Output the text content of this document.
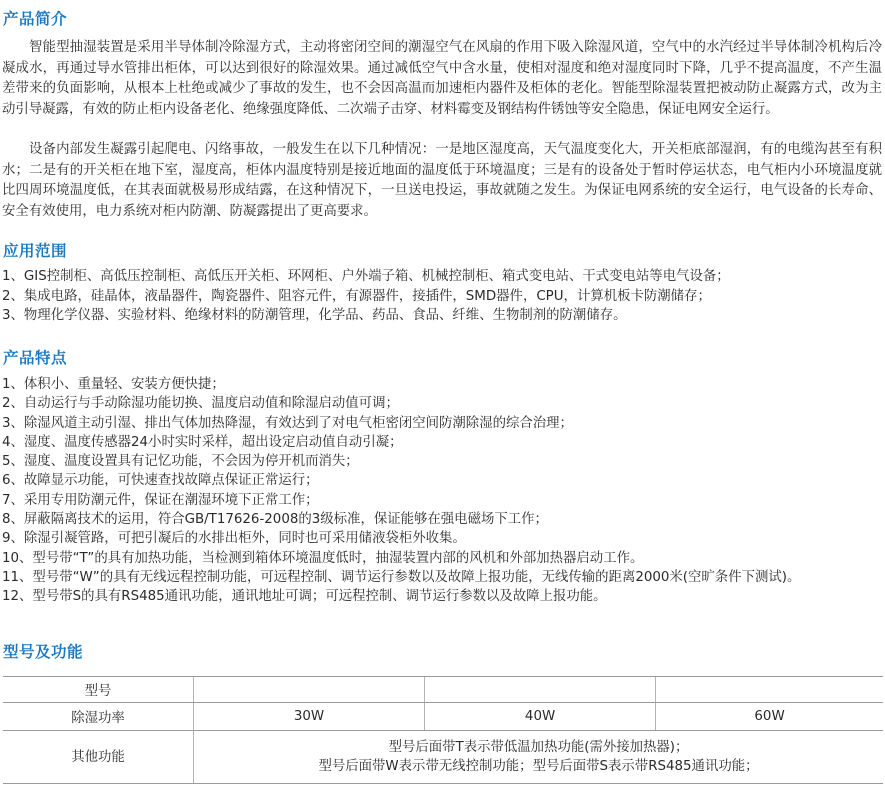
产品简介

智能型抽湿装置是采用半导体制冷除湿方式，主动将密闭空间的潮湿空气在风扇的作用下吸入除湿风道，空气中的水汽经过半导体制冷机构后冷凝成水，再通过导水管排出柜体，可以达到很好的除湿效果。通过减低空气中含水量，使相对湿度和绝对湿度同时下降，几乎不提高温度，不产生温差带来的负面影响，从根本上杜绝或减少了事故的发生，也不会因高温而加速柜内器件及柜体的老化。智能型除湿装置把被动防止凝露方式，改为主动引导凝露，有效的防止柜内设备老化、绝缘强度降低、二次端子击穿、材料霉变及钢结构件锈蚀等安全隐患，保证电网安全运行。

设备内部发生凝露引起爬电、闪络事故，一般发生在以下几种情况：一是地区湿度高，天气温度变化大，开关柜底部湿润，有的电缆沟甚至有积水；二是有的开关柜在地下室，湿度高，柜体内温度特别是接近地面的温度低于环境温度；三是有的设备处于暂时停运状态，电气柜内小环境温度就比四周环境温度低，在其表面就极易形成结露，在这种情况下，一旦送电投运，事故就随之发生。为保证电网系统的安全运行，电气设备的长寿命、安全有效使用，电力系统对柜内防潮、防凝露提出了更高要求。

应用范围
1、GIS控制柜、高低压控制柜、高低压开关柜、环网柜、户外端子箱、机械控制柜、箱式变电站、干式变电站等电气设备；
2、集成电路，硅晶体，液晶器件，陶瓷器件、阻容元件，有源器件，接插件，SMD器件，CPU，计算机板卡防潮储存；
3、物理化学仪器、实验材料、绝缘材料的防潮管理，化学品、药品、食品、纤维、生物制剂的防潮储存。
产品特点
1、体积小、重量轻、安装方便快捷；
2、自动运行与手动除湿功能切换、温度启动值和除湿启动值可调；
3、除湿风道主动引湿、排出气体加热降湿，有效达到了对电气柜密闭空间防潮除湿的综合治理；
4、湿度、温度传感器24小时实时采样，超出设定启动值自动引凝；
5、湿度、温度设置具有记忆功能，不会因为停开机而消失；
6、故障显示功能，可快速查找故障点保证正常运行；
7、采用专用防潮元件，保证在潮湿环境下正常工作；
8、屏蔽隔离技术的运用，符合GB/T17626-2008的3级标准，保证能够在强电磁场下工作；
9、除湿引凝管路，可把引凝后的水排出柜外，同时也可采用储液袋柜外收集。
10、型号带“T”的具有加热功能，当检测到箱体环境温度低时，抽湿装置内部的风机和外部加热器启动工作。
11、型号带“W”的具有无线远程控制功能，可远程控制、调节运行参数以及故障上报功能，无线传输的距离2000米(空旷条件下测试)。
12、型号带S的具有RS485通讯功能，通讯地址可调；可远程控制、调节运行参数以及故障上报功能。
型号及功能
型号			
除湿功率	30W	40W	60W
其他功能	型号后面带T表示带低温加热功能(需外接加热器)；
型号后面带W表示带无线控制功能；型号后面带S表示带RS485通讯功能；		
